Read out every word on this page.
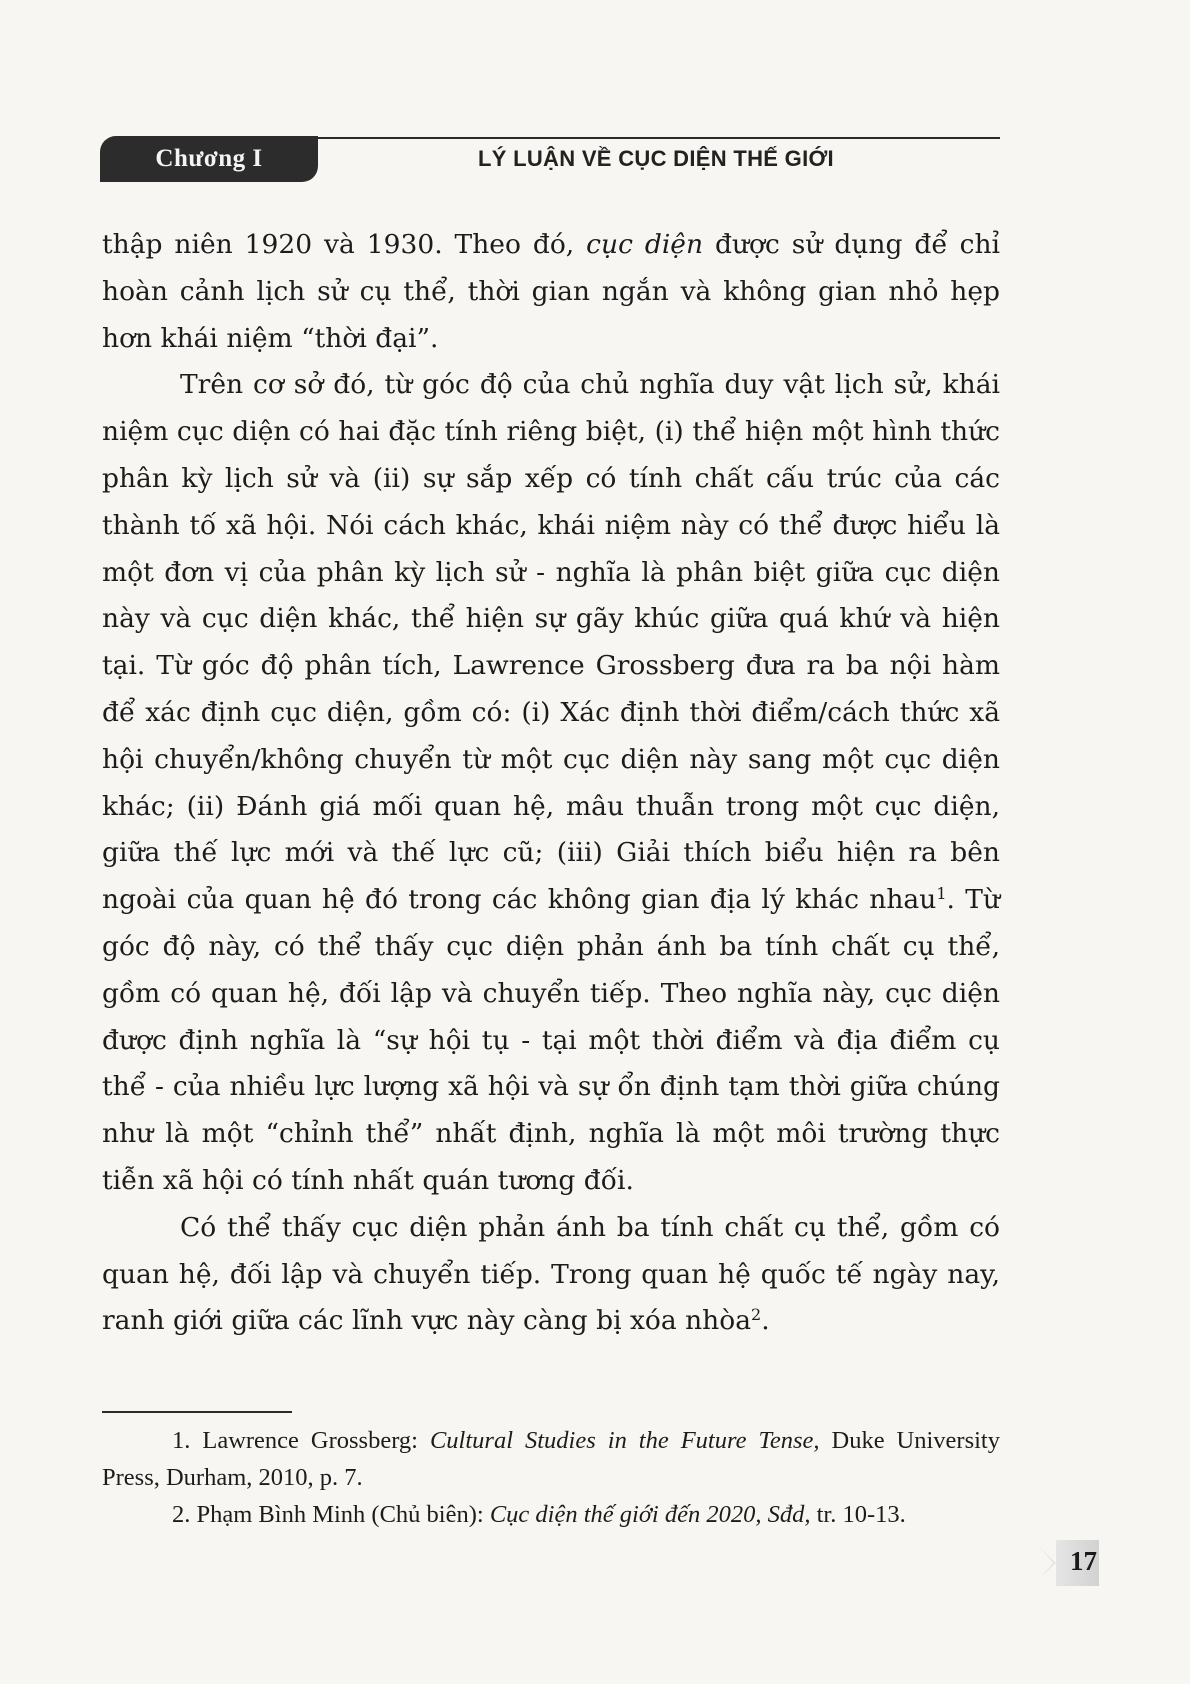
Chương I	LÝ LUẬN VỀ CỤC DIỆN THẾ GIỚI

thập niên 1920 và 1930. Theo đó, cục diện được sử dụng để chỉ hoàn cảnh lịch sử cụ thể, thời gian ngắn và không gian nhỏ hẹp hơn khái niệm “thời đại”.

Trên cơ sở đó, từ góc độ của chủ nghĩa duy vật lịch sử, khái niệm cục diện có hai đặc tính riêng biệt, (i) thể hiện một hình thức phân kỳ lịch sử và (ii) sự sắp xếp có tính chất cấu trúc của các thành tố xã hội. Nói cách khác, khái niệm này có thể được hiểu là một đơn vị của phân kỳ lịch sử - nghĩa là phân biệt giữa cục diện này và cục diện khác, thể hiện sự gãy khúc giữa quá khứ và hiện tại. Từ góc độ phân tích, Lawrence Grossberg đưa ra ba nội hàm để xác định cục diện, gồm có: (i) Xác định thời điểm/cách thức xã hội chuyển/không chuyển từ một cục diện này sang một cục diện khác; (ii) Đánh giá mối quan hệ, mâu thuẫn trong một cục diện, giữa thế lực mới và thế lực cũ; (iii) Giải thích biểu hiện ra bên ngoài của quan hệ đó trong các không gian địa lý khác nhau$^1$. Từ góc độ này, có thể thấy cục diện phản ánh ba tính chất cụ thể, gồm có quan hệ, đối lập và chuyển tiếp. Theo nghĩa này, cục diện được định nghĩa là “sự hội tụ - tại một thời điểm và địa điểm cụ thể - của nhiều lực lượng xã hội và sự ổn định tạm thời giữa chúng như là một “chỉnh thể” nhất định, nghĩa là một môi trường thực tiễn xã hội có tính nhất quán tương đối.

Có thể thấy cục diện phản ánh ba tính chất cụ thể, gồm có quan hệ, đối lập và chuyển tiếp. Trong quan hệ quốc tế ngày nay, ranh giới giữa các lĩnh vực này càng bị xóa nhòa$^2$.

1. Lawrence Grossberg: Cultural Studies in the Future Tense, Duke University Press, Durham, 2010, p. 7.

2. Phạm Bình Minh (Chủ biên): Cục diện thế giới đến 2020, Sđd, tr. 10-13.

17
